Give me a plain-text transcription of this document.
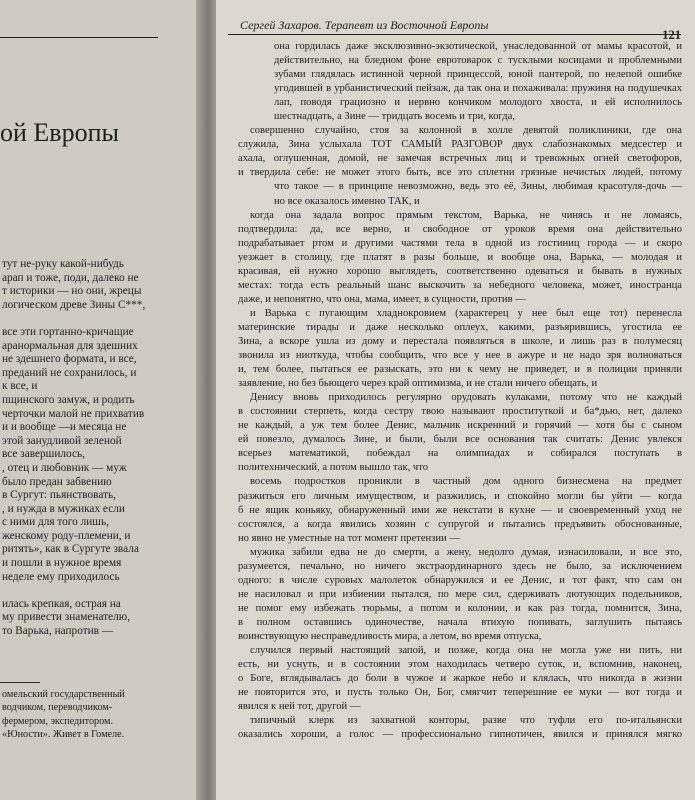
ой Европы
тут не-руку какой-нибудь
арап и тоже, поди, далеко не
т историки — но они, жрецы
логическом древе Зины С***,

все эти гортанно-кричащие
аранормальная для здешних
не здешнего формата, и все,
преданий не сохранилось, и
к все, и
пщинского замуж, и родить
черточки малой не прихватив
и и вообще —и месяца не
этой занудливой зеленой
все завершилось,
, отец и любовник — муж
было предан забвению
в Сургут: пьянствовать,
, и нужда в мужиках если
с ними для того лишь,
женскому роду-племени, и
ритять», как в Сургуте звала
и пошли в нужное время
неделе ему приходилось

илась крепкая, острая на
му привести знаменателю,
то Варька, напротив —
омельский государственный
водчиком, переводчиком-
фермером, экспедитором.
«Юности». Живет в Гомеле.
Сергей Захаров. Терапевт из Восточной Европы
121

она гордилась даже эксклюзивно-экзотической, унаследованной от мамы красотой, и

действительно, на бледном фоне евротоварок с тусклыми косицами и проблемными

зубами глядялась истинной черной принцессой, юной пантерой, по нелепой ошибке

угодившей в урбанистический пейзаж, да так она и похаживала: пружиня на подушечках

лап, поводя грациозно и нервно кончиком молодого хвоста, и ей исполнилось

шестнадцать, а Зине — тридцать восемь и три, когда,

совершенно случайно, стоя за колонной в холле девятой поликлиники, где она

служила, Зина услыхала ТОТ САМЫЙ РАЗГОВОР двух слабознакомых медсестер и

ахала, оглушенная, домой, не замечая встречных лиц и тревожных огней светофоров,

и твердила себе: не может этого быть, все это сплетни грязные нечистых людей, потому

что такое — в принципе невозможно, ведь это её, Зины, любимая красотуля-дочь —

но все оказалось именно ТАК, и

когда она задала вопрос прямым текстом, Варька, не чинясь и не ломаясь,

подтвердила: да, все верно, и свободное от уроков время она действительно

подрабатывает ртом и другими частями тела в одной из гостиниц города — и скоро

уезжает в столицу, где платят в разы больше, и вообще она, Варька, — молодая и

красивая, ей нужно хорошо выглядеть, соответственно одеваться и бывать в нужных

местах: тогда есть реальный шанс выскочить за небедного человека, может, иностранца

даже, и непонятно, что она, мама, имеет, в сущности, против —

и Варька с пугающим хладнокровием (характерец у нее был еще тот) перенесла

материнские тирады и даже несколько оплеух, какими, разъярившись, угостила ее

Зина, а вскоре ушла из дому и перестала появляться в школе, и лишь раз в полумесяц

звонила из ниоткуда, чтобы сообщить, что все у нее в ажуре и не надо зря волноваться

и, тем более, пытаться ее разыскать, это ни к чему не приведет, и в полиции приняли

заявление, но без бьющего через край оптимизма, и не стали ничего обещать, и

Денису вновь приходилось регулярно орудовать кулаками, потому что не каждый

в состоянии стерпеть, когда сестру твою называют проституткой и ба*дью, нет, далеко

не каждый, а уж тем более Денис, мальчик искренний и горячий — хотя бы с сыном

ей повезло, думалось Зине, и были, были все основания так считать: Денис увлекся

всерьез математикой, побеждал на олимпиадах и собирался поступать в

политехнический, а потом вышло так, что

восемь подростков проникли в частный дом одного бизнесмена на предмет

разжиться его личным имуществом, и разжились, и спокойно могли бы уйти — когда

б не ящик коньяку, обнаруженный ими же некстати в кухне — и своевременный уход не

состоялся, а когда явились хозяин с супругой и пытались предъявить обоснованные,

но явно не уместные на тот момент претензии —

мужика забили едва не до смерти, а жену, недолго думая, изнасиловали, и все это,

разумеется, печально, но ничего экстраординарного здесь не было, за исключением

одного: в числе суровых малолеток обнаружился и ее Денис, и тот факт, что сам он

не насиловал и при избиении пытался, по мере сил, сдерживать лютующих подельников,

не помог ему избежать тюрьмы, а потом и колонии, и как раз тогда, помнится, Зина,

в полном оставшись одиночестве, начала втихую попивать, заглушить пытаясь

воинствующую несправедливость мира, а летом, во время отпуска,

случился первый настоящий запой, и позже, когда она не могла уже ни пить, ни

есть, ни уснуть, и в состоянии этом находилась четверо суток, и, вспомнив, наконец,

о Боге, вглядывалась до боли в чужое и жаркое небо и клялась, что никогда в жизни

не повторится это, и пусть только Он, Бог, смягчит теперешние ее муки — вот тогда и

явился к ней тот, другой —

типичный клерк из захватной конторы, разве что туфли его по-итальянски

оказались хороши, а голос — профессионально гипнотичен, явился и принялся мягко
